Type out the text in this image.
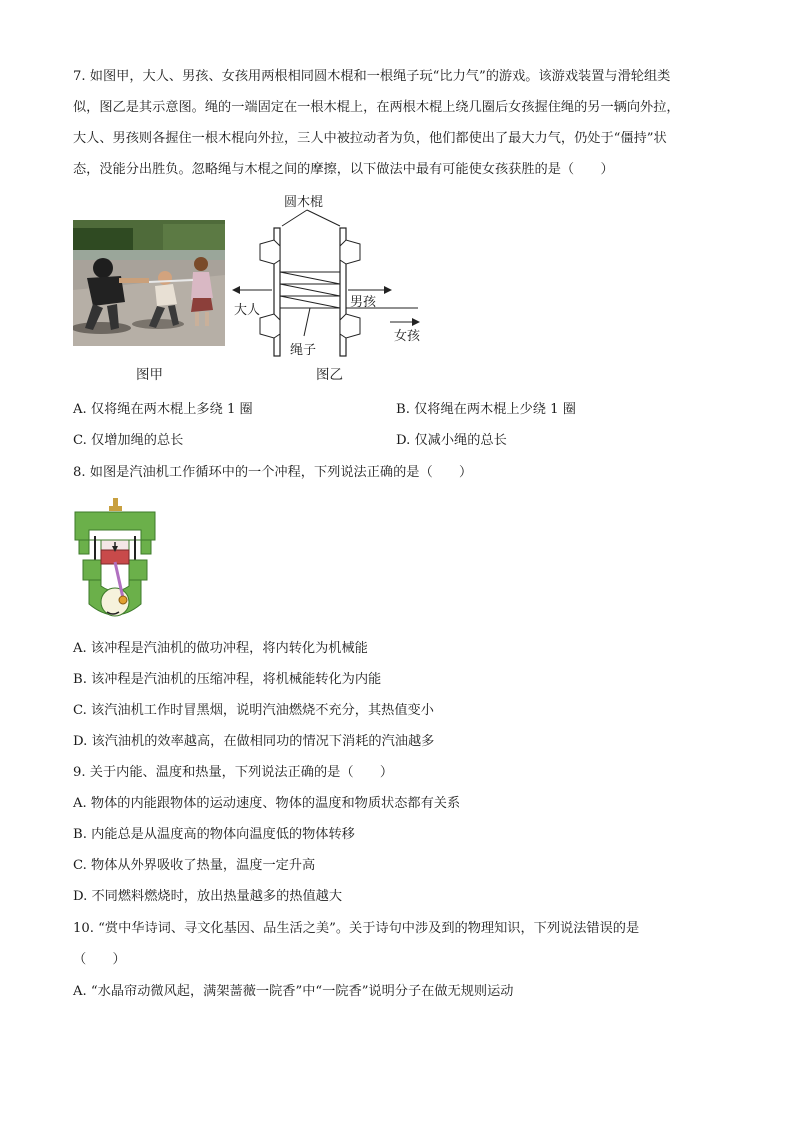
7. 如图甲，大人、男孩、女孩用两根相同圆木棍和一根绳子玩“比力气”的游戏。该游戏装置与滑轮组类
似，图乙是其示意图。绳的一端固定在一根木棍上，在两根木棍上绕几圈后女孩握住绳的另一辆向外拉，
大人、男孩则各握住一根木棍向外拉，三人中被拉动者为负，他们都使出了最大力气，仍处于“僵持”状
态，没能分出胜负。忽略绳与木棍之间的摩擦，以下做法中最有可能使女孩获胜的是（　　）
图甲
圆木棍
大人
男孩
女孩
绳子
图乙
A. 仅将绳在两木棍上多绕 1 圈	B. 仅将绳在两木棍上少绕 1 圈
C. 仅增加绳的总长	D. 仅减小绳的总长
8. 如图是汽油机工作循环中的一个冲程，下列说法正确的是（　　）
A. 该冲程是汽油机的做功冲程，将内转化为机械能
B. 该冲程是汽油机的压缩冲程，将机械能转化为内能
C. 该汽油机工作时冒黑烟，说明汽油燃烧不充分，其热值变小
D. 该汽油机的效率越高，在做相同功的情况下消耗的汽油越多
9. 关于内能、温度和热量，下列说法正确的是（　　）
A. 物体的内能跟物体的运动速度、物体的温度和物质状态都有关系
B. 内能总是从温度高的物体向温度低的物体转移
C. 物体从外界吸收了热量，温度一定升高
D. 不同燃料燃烧时，放出热量越多的热值越大
10. “赏中华诗词、寻文化基因、品生活之美”。关于诗句中涉及到的物理知识，下列说法错误的是
（　　）
A. “水晶帘动微风起，满架蔷薇一院香”中“一院香”说明分子在做无规则运动
